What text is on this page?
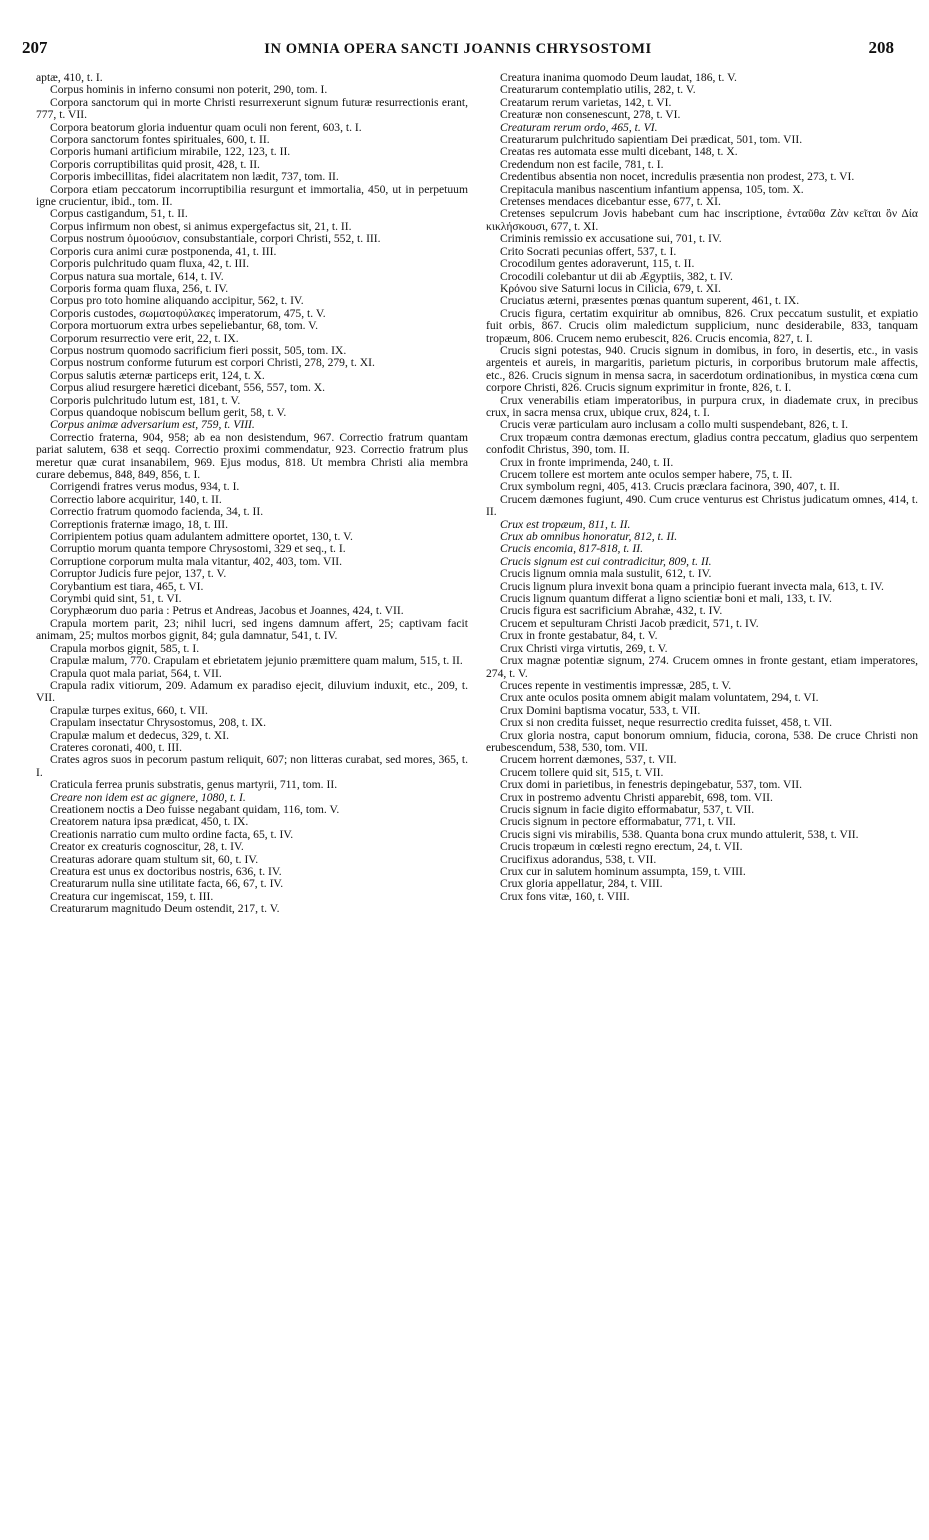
207	IN OMNIA OPERA SANCTI JOANNIS CHRYSOSTOMI	208

aptæ, 410, t. I.

Corpus hominis in inferno consumi non poterit, 290, tom. I.

Corpora sanctorum qui in morte Christi resurrexerunt signum futuræ resurrectionis erant, 777, t. VII.

Corpora beatorum gloria induentur quam oculi non ferent, 603, t. I.

Corpora sanctorum fontes spirituales, 600, t. II.

Corporis humani artificium mirabile, 122, 123, t. II.

Corporis corruptibilitas quid prosit, 428, t. II.

Corporis imbecillitas, fidei alacritatem non lædit, 737, tom. II.

Corpora etiam peccatorum incorruptibilia resurgunt et immortalia, 450, ut in perpetuum igne crucientur, ibid., tom. II.

Corpus castigandum, 51, t. II.

Corpus infirmum non obest, si animus expergefactus sit, 21, t. II.

Corpus nostrum ὁμοούσιον, consubstantiale, corpori Christi, 552, t. III.

Corporis cura animi curæ postponenda, 41, t. III.

Corporis pulchritudo quam fluxa, 42, t. III.

Corpus natura sua mortale, 614, t. IV.

Corporis forma quam fluxa, 256, t. IV.

Corpus pro toto homine aliquando accipitur, 562, t. IV.

Corporis custodes, σωματοφύλακες imperatorum, 475, t. V.

Corpora mortuorum extra urbes sepeliebantur, 68, tom. V.

Corporum resurrectio vere erit, 22, t. IX.

Corpus nostrum quomodo sacrificium fieri possit, 505, tom. IX.

Corpus nostrum conforme futurum est corpori Christi, 278, 279, t. XI.

Corpus salutis æternæ particeps erit, 124, t. X.

Corpus aliud resurgere hæretici dicebant, 556, 557, tom. X.

Corporis pulchritudo lutum est, 181, t. V.

Corpus quandoque nobiscum bellum gerit, 58, t. V.

Corpus animæ adversarium est, 759, t. VIII.

Correctio fraterna, 904, 958; ab ea non desistendum, 967. Correctio fratrum quantam pariat salutem, 638 et seqq. Correctio proximi commendatur, 923. Correctio fratrum plus meretur quæ curat insanabilem, 969. Ejus modus, 818. Ut membra Christi alia membra curare debemus, 848, 849, 856, t. I.

Corrigendi fratres verus modus, 934, t. I.

Correctio labore acquiritur, 140, t. II.

Correctio fratrum quomodo facienda, 34, t. II.

Correptionis fraternæ imago, 18, t. III.

Corripientem potius quam adulantem admittere oportet, 130, t. V.

Corruptio morum quanta tempore Chrysostomi, 329 et seq., t. I.

Corruptione corporum multa mala vitantur, 402, 403, tom. VII.

Corruptor Judicis fure pejor, 137, t. V.

Corybantium est tiara, 465, t. VI.

Corymbi quid sint, 51, t. VI.

Coryphæorum duo paria : Petrus et Andreas, Jacobus et Joannes, 424, t. VII.

Crapula mortem parit, 23; nihil lucri, sed ingens damnum affert, 25; captivam facit animam, 25; multos morbos gignit, 84; gula damnatur, 541, t. IV.

Crapula morbos gignit, 585, t. I.

Crapulæ malum, 770. Crapulam et ebrietatem jejunio præmittere quam malum, 515, t. II.

Crapula quot mala pariat, 564, t. VII.

Crapula radix vitiorum, 209. Adamum ex paradiso ejecit, diluvium induxit, etc., 209, t. VII.

Crapulæ turpes exitus, 660, t. VII.

Crapulam insectatur Chrysostomus, 208, t. IX.

Crapulæ malum et dedecus, 329, t. XI.

Crateres coronati, 400, t. III.

Crates agros suos in pecorum pastum reliquit, 607; non litteras curabat, sed mores, 365, t. I.

Craticula ferrea prunis substratis, genus martyrii, 711, tom. II.

Creare non idem est ac gignere, 1080, t. I.

Creationem noctis a Deo fuisse negabant quidam, 116, tom. V.

Creatorem natura ipsa prædicat, 450, t. IX.

Creationis narratio cum multo ordine facta, 65, t. IV.

Creator ex creaturis cognoscitur, 28, t. IV.

Creaturas adorare quam stultum sit, 60, t. IV.

Creatura est unus ex doctoribus nostris, 636, t. IV.

Creaturarum nulla sine utilitate facta, 66, 67, t. IV.

Creatura cur ingemiscat, 159, t. III.

Creaturarum magnitudo Deum ostendit, 217, t. V.

Creatura inanima quomodo Deum laudat, 186, t. V.

Creaturarum contemplatio utilis, 282, t. V.

Creatarum rerum varietas, 142, t. VI.

Creaturæ non consenescunt, 278, t. VI.

Creaturam rerum ordo, 465, t. VI.

Creaturarum pulchritudo sapientiam Dei prædicat, 501, tom. VII.

Creatas res automata esse multi dicebant, 148, t. X.

Credendum non est facile, 781, t. I.

Credentibus absentia non nocet, incredulis præsentia non prodest, 273, t. VI.

Crepitacula manibus nascentium infantium appensa, 105, tom. X.

Cretenses mendaces dicebantur esse, 677, t. XI.

Cretenses sepulcrum Jovis habebant cum hac inscriptione, ἐνταῦθα Ζὰν κεῖται ὃν Δία κικλήσκουσι, 677, t. XI.

Criminis remissio ex accusatione sui, 701, t. IV.

Crito Socrati pecunias offert, 537, t. I.

Crocodilum gentes adoraverunt, 115, t. II.

Crocodili colebantur ut dii ab Ægyptiis, 382, t. IV.

Κρόνου sive Saturni locus in Cilicia, 679, t. XI.

Cruciatus æterni, præsentes pœnas quantum superent, 461, t. IX.

Crucis figura, certatim exquiritur ab omnibus, 826. Crux peccatum sustulit, et expiatio fuit orbis, 867. Crucis olim maledictum supplicium, nunc desiderabile, 833, tanquam tropæum, 806. Crucem nemo erubescit, 826. Crucis encomia, 827, t. I.

Crucis signi potestas, 940. Crucis signum in domibus, in foro, in desertis, etc., in vasis argenteis et aureis, in margaritis, parietum picturis, in corporibus brutorum male affectis, etc., 826. Crucis signum in mensa sacra, in sacerdotum ordinationibus, in mystica cœna cum corpore Christi, 826. Crucis signum exprimitur in fronte, 826, t. I.

Crux venerabilis etiam imperatoribus, in purpura crux, in diademate crux, in precibus crux, in sacra mensa crux, ubique crux, 824, t. I.

Crucis veræ particulam auro inclusam a collo multi suspendebant, 826, t. I.

Crux tropæum contra dæmonas erectum, gladius contra peccatum, gladius quo serpentem confodit Christus, 390, tom. II.

Crux in fronte imprimenda, 240, t. II.

Crucem tollere est mortem ante oculos semper habere, 75, t. II.

Crux symbolum regni, 405, 413. Crucis præclara facinora, 390, 407, t. II.

Crucem dæmones fugiunt, 490. Cum cruce venturus est Christus judicatum omnes, 414, t. II.

Crux est tropæum, 811, t. II.

Crux ab omnibus honoratur, 812, t. II.

Crucis encomia, 817-818, t. II.

Crucis signum est cui contradicitur, 809, t. II.

Crucis lignum omnia mala sustulit, 612, t. IV.

Crucis lignum plura invexit bona quam a principio fuerant invecta mala, 613, t. IV.

Crucis lignum quantum differat a ligno scientiæ boni et mali, 133, t. IV.

Crucis figura est sacrificium Abrahæ, 432, t. IV.

Crucem et sepulturam Christi Jacob prædicit, 571, t. IV.

Crux in fronte gestabatur, 84, t. V.

Crux Christi virga virtutis, 269, t. V.

Crux magnæ potentiæ signum, 274. Crucem omnes in fronte gestant, etiam imperatores, 274, t. V.

Cruces repente in vestimentis impressæ, 285, t. V.

Crux ante oculos posita omnem abigit malam voluntatem, 294, t. VI.

Crux Domini baptisma vocatur, 533, t. VII.

Crux si non credita fuisset, neque resurrectio credita fuisset, 458, t. VII.

Crux gloria nostra, caput bonorum omnium, fiducia, corona, 538. De cruce Christi non erubescendum, 538, 530, tom. VII.

Crucem horrent dæmones, 537, t. VII.

Crucem tollere quid sit, 515, t. VII.

Crux domi in parietibus, in fenestris depingebatur, 537, tom. VII.

Crux in postremo adventu Christi apparebit, 698, tom. VII.

Crucis signum in facie digito efformabatur, 537, t. VII.

Crucis signum in pectore efformabatur, 771, t. VII.

Crucis signi vis mirabilis, 538. Quanta bona crux mundo attulerit, 538, t. VII.

Crucis tropæum in cœlesti regno erectum, 24, t. VII.

Crucifixus adorandus, 538, t. VII.

Crux cur in salutem hominum assumpta, 159, t. VIII.

Crux gloria appellatur, 284, t. VIII.

Crux fons vitæ, 160, t. VIII.
